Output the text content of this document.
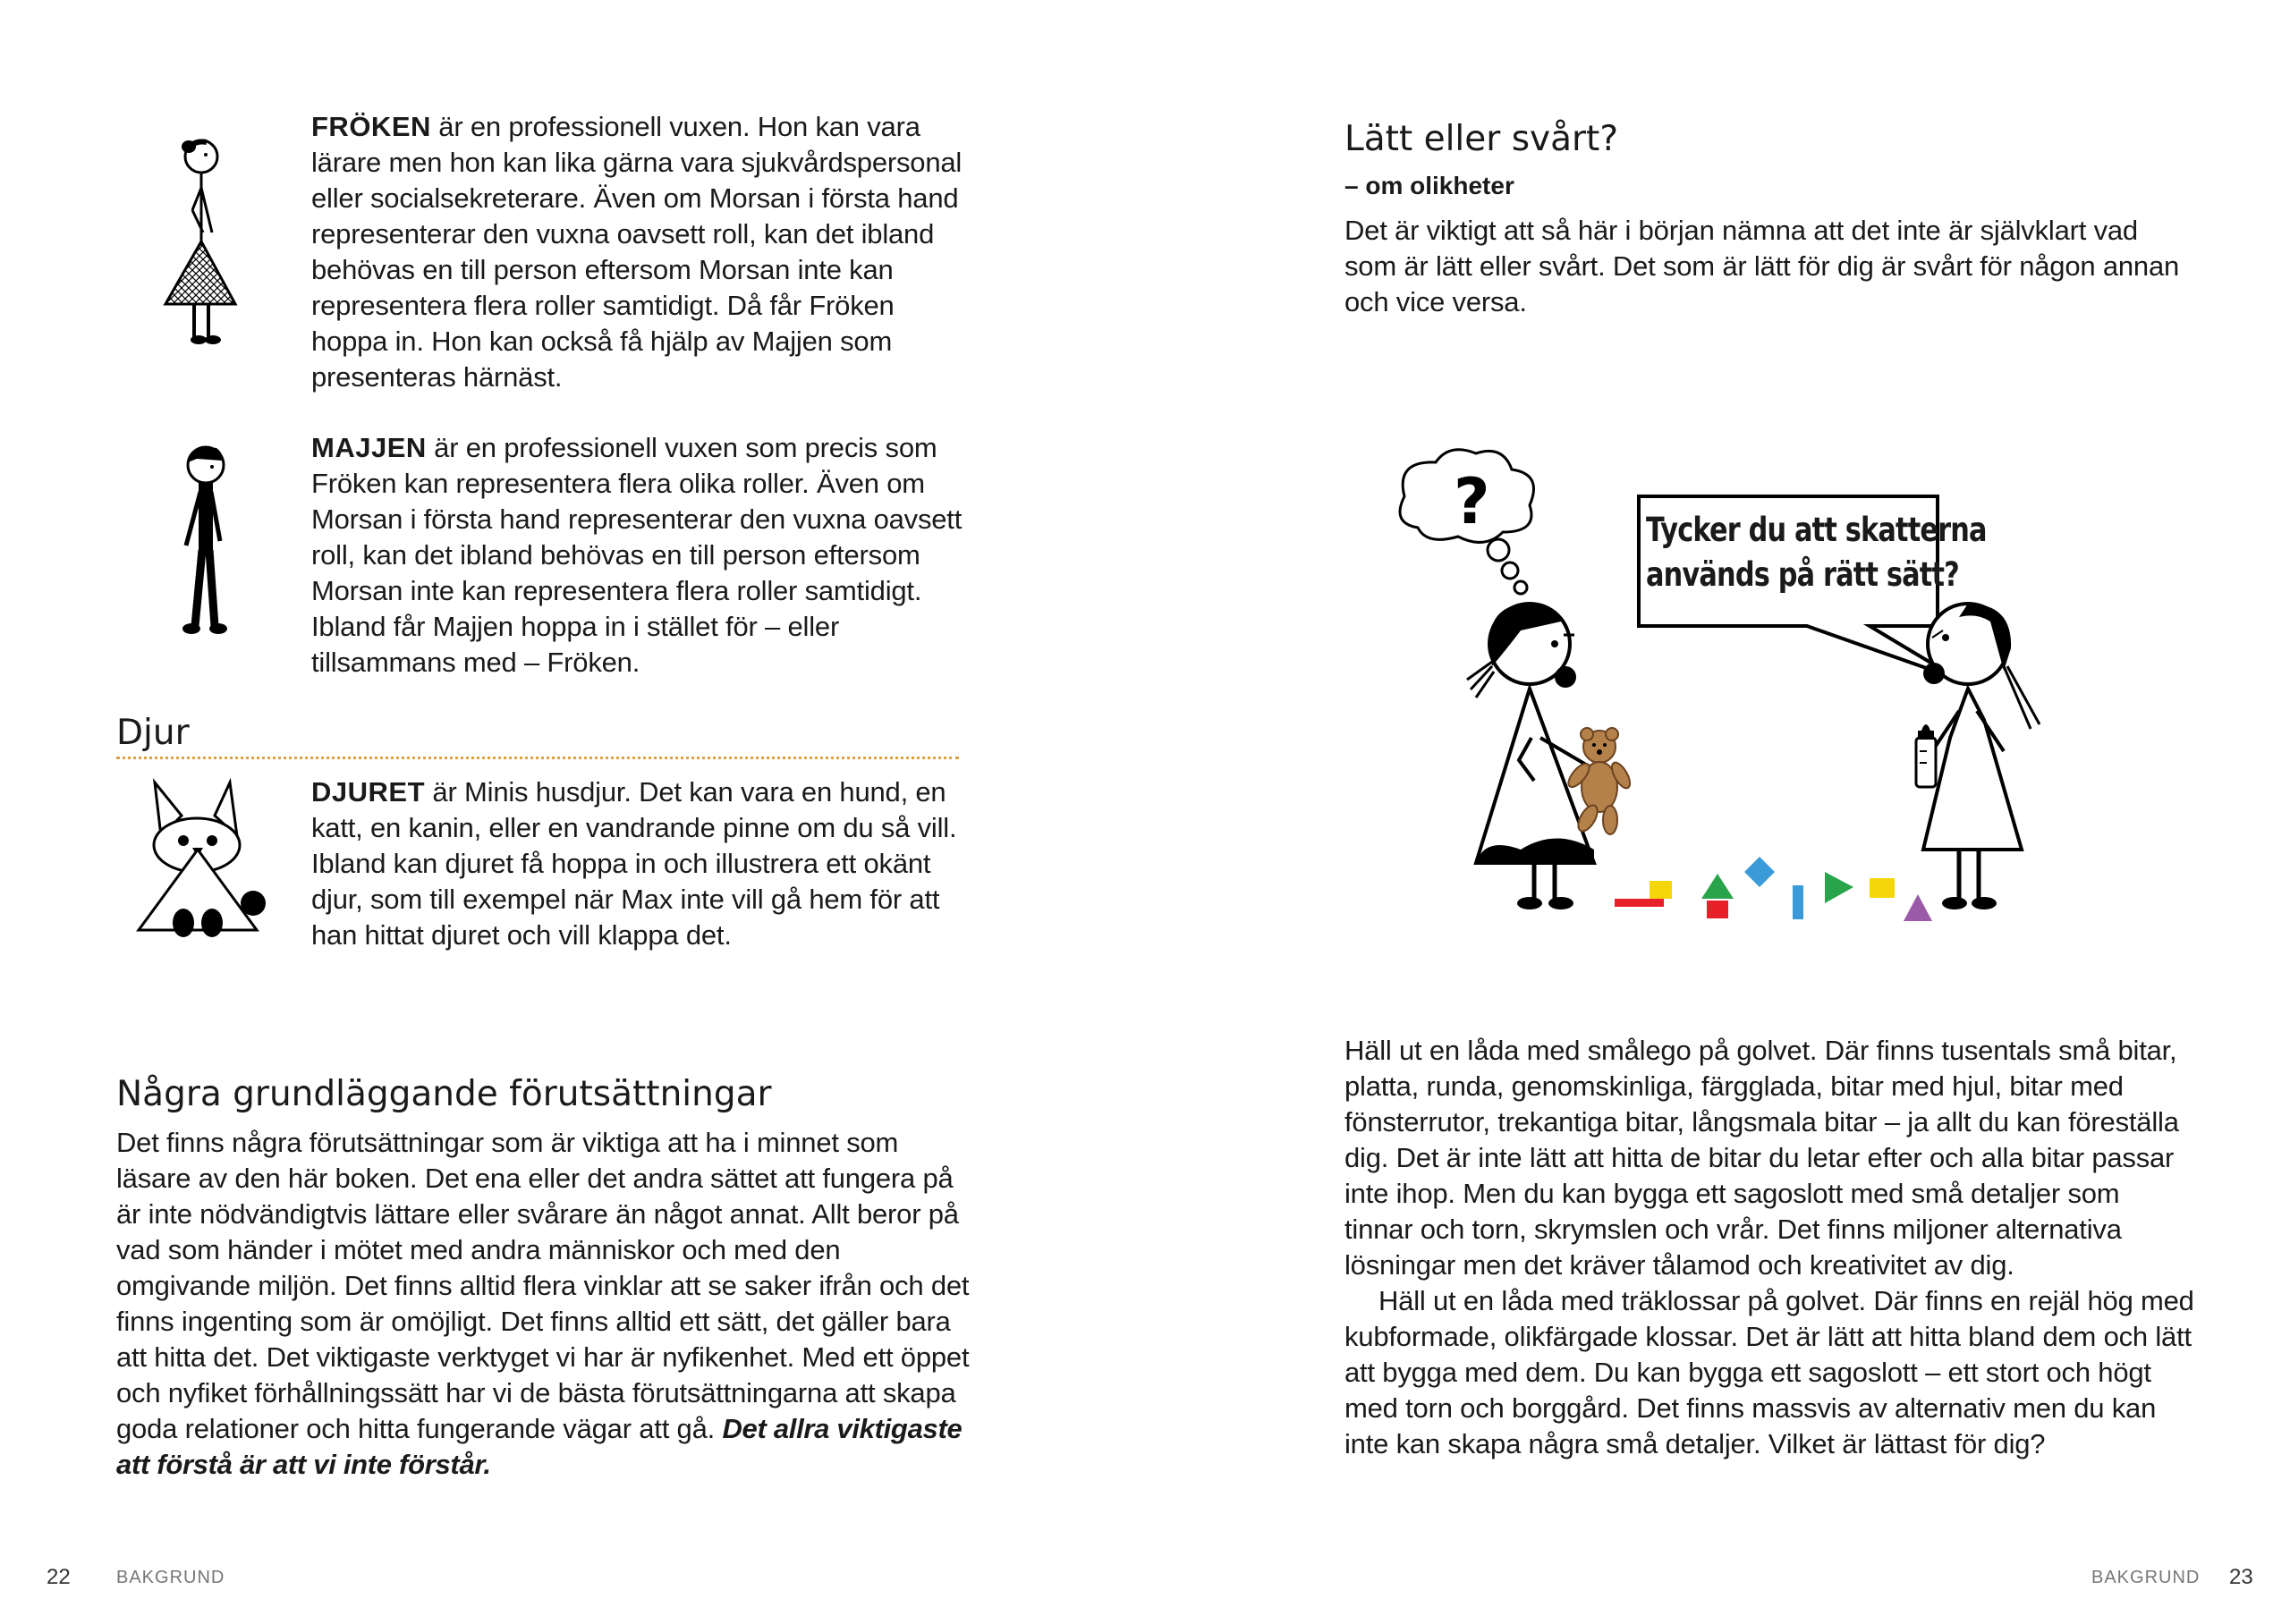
FRÖKEN är en professionell vuxen. Hon kan vara lärare men hon kan lika gärna vara sjukvårdspersonal eller socialsekreterare. Även om Morsan i första hand representerar den vuxna oavsett roll, kan det ibland behövas en till person eftersom Morsan inte kan representera flera roller samtidigt. Då får Fröken hoppa in. Hon kan också få hjälp av Majjen som presenteras härnäst.
MAJJEN är en professionell vuxen som precis som Fröken kan representera flera olika roller. Även om Morsan i första hand representerar den vuxna oavsett roll, kan det ibland behövas en till person eftersom Morsan inte kan representera flera roller samtidigt. Ibland får Majjen hoppa in i stället för – eller tillsammans med – Fröken.
Djur
DJURET är Minis husdjur. Det kan vara en hund, en katt, en kanin, eller en vandrande pinne om du så vill. Ibland kan djuret få hoppa in och illustrera ett okänt djur, som till exempel när Max inte vill gå hem för att han hittat djuret och vill klappa det.
Några grundläggande förutsättningar
Det finns några förutsättningar som är viktiga att ha i minnet som läsare av den här boken. Det ena eller det andra sättet att fungera på är inte nödvändigtvis lättare eller svårare än något annat. Allt beror på vad som händer i mötet med andra människor och med den omgivande miljön. Det finns alltid flera vinklar att se saker ifrån och det finns ingenting som är omöjligt. Det finns alltid ett sätt, det gäller bara att hitta det. Det viktigaste verktyget vi har är nyfikenhet. Med ett öppet och nyfiket förhållningssätt har vi de bästa förutsättningarna att skapa goda relationer och hitta fungerande vägar att gå. Det allra viktigaste att förstå är att vi inte förstår.
22	BAKGRUND
Lätt eller svårt?
– om olikheter
Det är viktigt att så här i början nämna att det inte är självklart vad som är lätt eller svårt. Det som är lätt för dig är svårt för någon annan och vice versa.
?	Tycker du att skatterna
används på rätt sätt?

Häll ut en låda med smålego på golvet. Där finns tusentals små bitar, platta, runda, genomskinliga, färgglada, bitar med hjul, bitar med fönsterrutor, trekantiga bitar, långsmala bitar – ja allt du kan föreställa dig. Det är inte lätt att hitta de bitar du letar efter och alla bitar passar inte ihop. Men du kan bygga ett sagoslott med små detaljer som tinnar och torn, skrymslen och vrår. Det finns miljoner alternativa lösningar men det kräver tålamod och kreativitet av dig.

Häll ut en låda med träklossar på golvet. Där finns en rejäl hög med kubformade, olikfärgade klossar. Det är lätt att hitta bland dem och lätt att bygga med dem. Du kan bygga ett sagoslott – ett stort och högt med torn och borggård. Det finns massvis av alternativ men du kan inte kan skapa några små detaljer. Vilket är lättast för dig?

BAKGRUND 23
